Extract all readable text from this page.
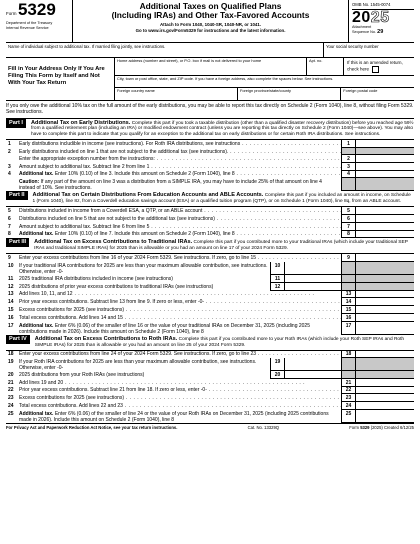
Form 5329
Department of the Treasury
Internal Revenue Service
Additional Taxes on Qualified Plans
(Including IRAs) and Other Tax-Favored Accounts
Attach to Form 1040, 1040-SR, 1040-NR, or 1041.
Go to www.irs.gov/Form5329 for instructions and the latest information.
OMB No. 1545-0074
2025
Attachment
Sequence No. 29
Name of individual subject to additional tax. If married filing jointly, see instructions.	Your social security number
Fill in Your Address Only If You Are Filing This Form by Itself and Not With Your Tax Return
Home address (number and street), or P.O. box if mail is not delivered to your home	Apt. no.	If this is an amended return, check here
City, town or post office, state, and ZIP code. If you have a foreign address, also complete the spaces below. See instructions.
Foreign country name	Foreign province/state/county	Foreign postal code
If you only owe the additional 10% tax on the full amount of the early distributions, you may be able to report this tax directly on Schedule 2 (Form 1040), line 8, without filing Form 5329. See instructions.
Part I	Additional Tax on Early Distributions. Complete this part if you took a taxable distribution (other than a qualified disaster recovery distribution) before you reached age 59½ from a qualified retirement plan (including an IRA) or modified endowment contract (unless you are reporting this tax directly on Schedule 2 (Form 1040)—see above). You may also have to complete this part to indicate that you qualify for an exception to the additional tax on early distributions or for certain Roth IRA distributions. See instructions.
1	Early distributions includible in income (see instructions). For Roth IRA distributions, see instructions . . .	1
2	Early distributions included on line 1 that are not subject to the additional tax (see instructions). . . .
Enter the appropriate exception number from the instructions: . . .	2
3	Amount subject to additional tax. Subtract line 2 from line 1 . . .	3
4	Additional tax. Enter 10% (0.10) of line 3. Include this amount on Schedule 2 (Form 1040), line 8 . . .	4
Caution: If any part of the amount on line 3 was a distribution from a SIMPLE IRA, you may have to include 25% of that amount on line 4 instead of 10%. See instructions.
Part II	Additional Tax on Certain Distributions From Education Accounts and ABLE Accounts. Complete this part if you included an amount in income, on Schedule 1 (Form 1040), line 8z, from a Coverdell education savings account (ESA) or a qualified tuition program (QTP), or on Schedule 1 (Form 1040), line 8q, from an ABLE account.
5	Distributions included in income from a Coverdell ESA, a QTP, or an ABLE account . . .	5
6	Distributions included on line 5 that are not subject to the additional tax (see instructions) . . .	6
7	Amount subject to additional tax. Subtract line 6 from line 5 . . .	7
8	Additional tax. Enter 10% (0.10) of line 7. Include this amount on Schedule 2 (Form 1040), line 8 . . .	8
Part III	Additional Tax on Excess Contributions to Traditional IRAs. Complete this part if you contributed more to your traditional IRAs (which include your traditional SEP IRAs and traditional SIMPLE IRAs) for 2025 than is allowable or you had an amount on line 17 of your 2024 Form 5329.
9	Enter your excess contributions from line 16 of your 2024 Form 5329. See instructions. If zero, go to line 15 . . .	9
10	If your traditional IRA contributions for 2025 are less than your maximum allowable contribution, see instructions. Otherwise, enter -0-
10
11	2025 traditional IRA distributions included in income (see instructions)	11
12	2025 distributions of prior year excess contributions to traditional IRAs (see instructions)	12
13	Add lines 10, 11, and 12 . . .	13
14	Prior year excess contributions. Subtract line 13 from line 9. If zero or less, enter -0- . . .	14
15	Excess contributions for 2025 (see instructions) . . .	15
16	Total excess contributions. Add lines 14 and 15 . . .	16
17	Additional tax. Enter 6% (0.06) of the smaller of line 16 or the value of your traditional IRAs on December 31, 2025 (including 2025 contributions made in 2026). Include this amount on Schedule 2 (Form 1040), line 8
17
Part IV	Additional Tax on Excess Contributions to Roth IRAs. Complete this part if you contributed more to your Roth IRAs (which include your Roth SEP IRAs and Roth SIMPLE IRAs) for 2025 than is allowable or you had an amount on line 25 of your 2024 Form 5329.
18	Enter your excess contributions from line 24 of your 2024 Form 5329. See instructions. If zero, go to line 23 . . .	18
19	If your Roth IRA contributions for 2025 are less than your maximum allowable contribution, see instructions. Otherwise, enter -0-
19
20	2025 distributions from your Roth IRAs (see instructions)	20
21	Add lines 19 and 20 . . .	21
22	Prior year excess contributions. Subtract line 21 from line 18. If zero or less, enter -0- . . .	22
23	Excess contributions for 2025 (see instructions) . . .	23
24	Total excess contributions. Add lines 22 and 23 . . .	24
25	Additional tax. Enter 6% (0.06) of the smaller of line 24 or the value of your Roth IRAs on December 31, 2025 (including 2025 contributions made in 2026). Include this amount on Schedule 2 (Form 1040), line 8
25
For Privacy Act and Paperwork Reduction Act Notice, see your tax return instructions.	Cat. No. 13329Q	Form 5329 (2025) Created 6/12/25
